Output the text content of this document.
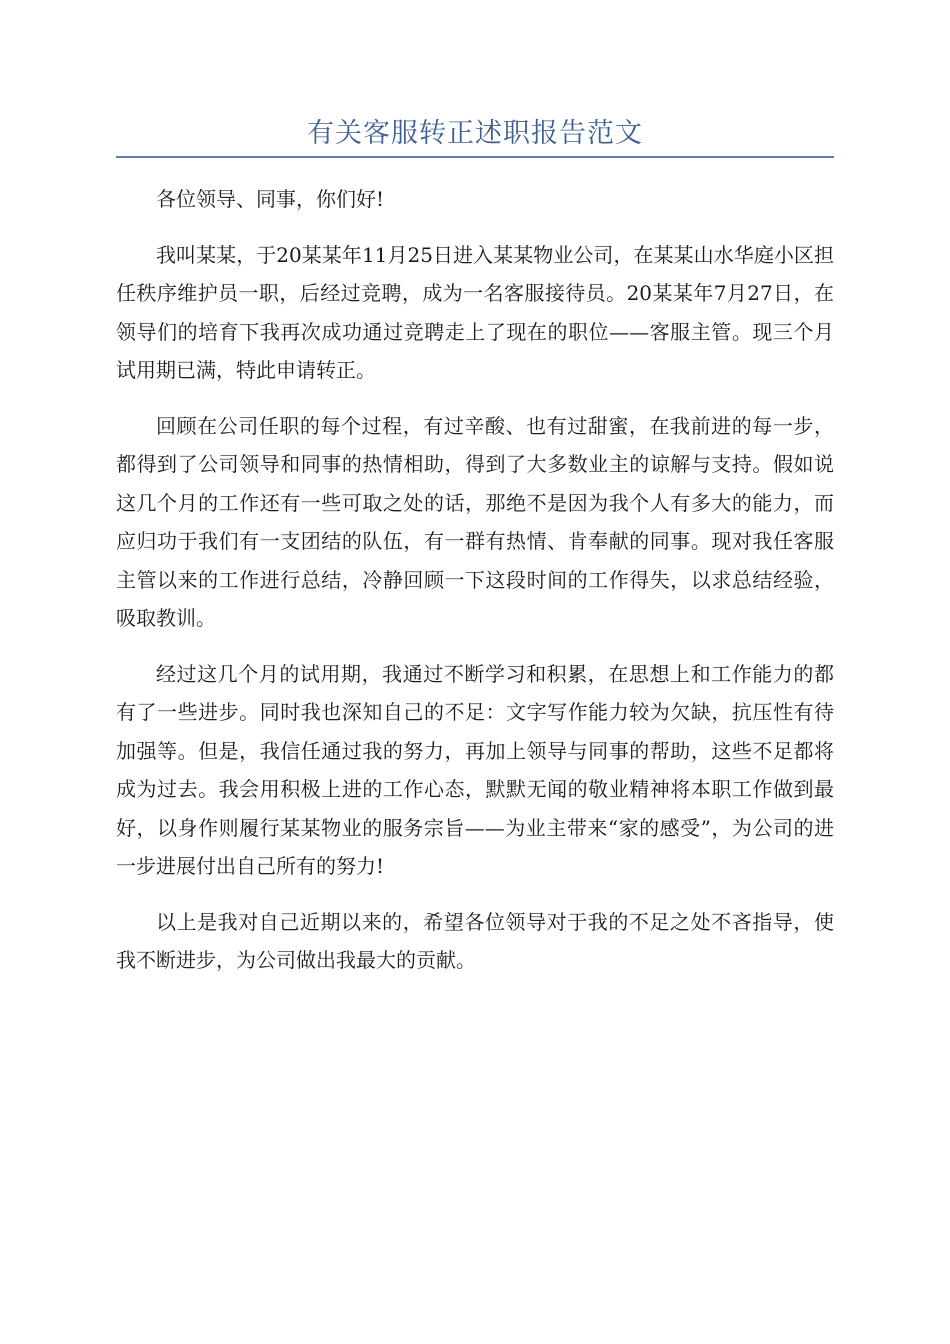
有关客服转正述职报告范文

各位领导、同事，你们好!

我叫某某，于20某某年11月25日进入某某物业公司，在某某山水华庭小区担任秩序维护员一职，后经过竞聘，成为一名客服接待员。20某某年7月27日，在领导们的培育下我再次成功通过竞聘走上了现在的职位——客服主管。现三个月试用期已满，特此申请转正。

回顾在公司任职的每个过程，有过辛酸、也有过甜蜜，在我前进的每一步，都得到了公司领导和同事的热情相助，得到了大多数业主的谅解与支持。假如说这几个月的工作还有一些可取之处的话，那绝不是因为我个人有多大的能力，而应归功于我们有一支团结的队伍，有一群有热情、肯奉献的同事。现对我任客服主管以来的工作进行总结，冷静回顾一下这段时间的工作得失，以求总结经验，吸取教训。

经过这几个月的试用期，我通过不断学习和积累，在思想上和工作能力的都有了一些进步。同时我也深知自己的不足：文字写作能力较为欠缺，抗压性有待加强等。但是，我信任通过我的努力，再加上领导与同事的帮助，这些不足都将成为过去。我会用积极上进的工作心态，默默无闻的敬业精神将本职工作做到最好，以身作则履行某某物业的服务宗旨——为业主带来“家的感受”，为公司的进一步进展付出自己所有的努力!

以上是我对自己近期以来的，希望各位领导对于我的不足之处不吝指导，使我不断进步，为公司做出我最大的贡献。
